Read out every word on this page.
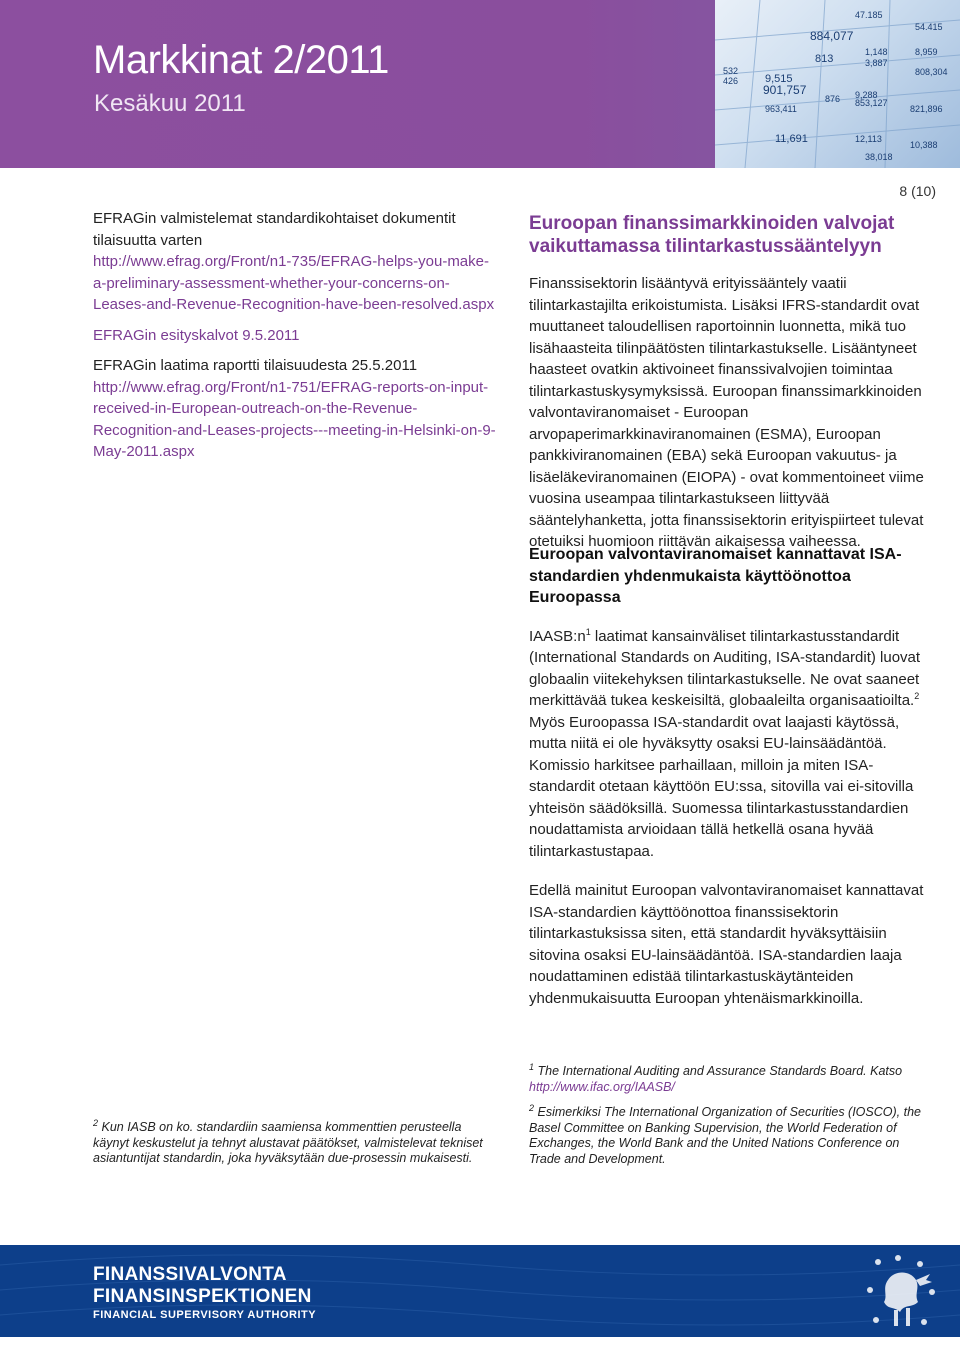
Markkinat 2/2011
Kesäkuu 2011
47.185
54.415
884,077
813
532
426 9,515
901,757
963,411
1,148
3,887
8,959
808,304
876 9,288
853,127
821,896
11,691	12,113
10,388
38,018
8 (10)

EFRAGin valmistelemat standardikohtaiset dokumentit tilaisuutta varten
http://www.efrag.org/Front/n1-735/EFRAG-helps-you-make-a-preliminary-assessment-whether-your-concerns-on-Leases-and-Revenue-Recognition-have-been-resolved.aspx

EFRAGin esityskalvot 9.5.2011

EFRAGin laatima raportti tilaisuudesta 25.5.2011
http://www.efrag.org/Front/n1-751/EFRAG-reports-on-input-received-in-European-outreach-on-the-Revenue-Recognition-and-Leases-projects---meeting-in-Helsinki-on-9-May-2011.aspx

Euroopan finanssimarkkinoiden valvojat vaikuttamassa tilintarkastussääntelyyn

Finanssisektorin lisääntyvä erityissääntely vaatii tilintarkastajilta erikoistumista. Lisäksi IFRS-standardit ovat muuttaneet taloudellisen raportoinnin luonnetta, mikä tuo lisähaasteita tilinpäätösten tilintarkastukselle. Lisääntyneet haasteet ovatkin aktivoineet finanssivalvojien toimintaa tilintarkastuskysymyksissä. Euroopan finanssimarkkinoiden valvontaviranomaiset - Euroopan arvopaperimarkkinaviranomainen (ESMA), Euroopan pankkiviranomainen (EBA) sekä Euroopan vakuutus- ja lisäeläkeviranomainen (EIOPA) - ovat kommentoineet viime vuosina useampaa tilintarkastukseen liittyvää sääntelyhanketta, jotta finanssisektorin erityispiirteet tulevat otetuiksi huomioon riittävän aikaisessa vaiheessa.

Euroopan valvontaviranomaiset kannattavat ISA-standardien yhdenmukaista käyttöönottoa Euroopassa

$IAASB:n^1$ laatimat kansainväliset tilintarkastusstandardit (International Standards on Auditing, ISA-standardit) luovat globaalin viitekehyksen tilintarkastukselle. Ne ovat saaneet merkittävää tukea keskeisiltä, globaaleilta organisaatioilta.$^2$ Myös Euroopassa ISA-standardit ovat laajasti käytössä, mutta niitä ei ole hyväksytty osaksi EU-lainsäädäntöä. Komissio harkitsee parhaillaan, milloin ja miten ISA-standardit otetaan käyttöön EU:ssa, sitovilla vai ei-sitovilla yhteisön säädöksillä. Suomessa tilintarkastusstandardien noudattamista arvioidaan tällä hetkellä osana hyvää tilintarkastustapaa.

Edellä mainitut Euroopan valvontaviranomaiset kannattavat ISA-standardien käyttöönottoa finanssisektorin tilintarkastuksissa siten, että standardit hyväksyttäisiin sitovina osaksi EU-lainsäädäntöä. ISA-standardien laaja noudattaminen edistää tilintarkastuskäytänteiden yhdenmukaisuutta Euroopan yhtenäismarkkinoilla.

$^2$ Kun IASB on ko. standardiin saamiensa kommenttien perusteella käynyt keskustelut ja tehnyt alustavat päätökset, valmistelevat tekniset asiantuntijat standardin, joka hyväksytään due-prosessin mukaisesti.

$^1$ The International Auditing and Assurance Standards Board. Katso
http://www.ifac.org/IAASB/

$^2$ Esimerkiksi The International Organization of Securities (IOSCO), the Basel Committee on Banking Supervision, the World Federation of Exchanges, the World Bank and the United Nations Conference on Trade and Development.

FINANSSIVALVONTA
FINANSINSPEKTIONEN
FINANCIAL SUPERVISORY AUTHORITY
